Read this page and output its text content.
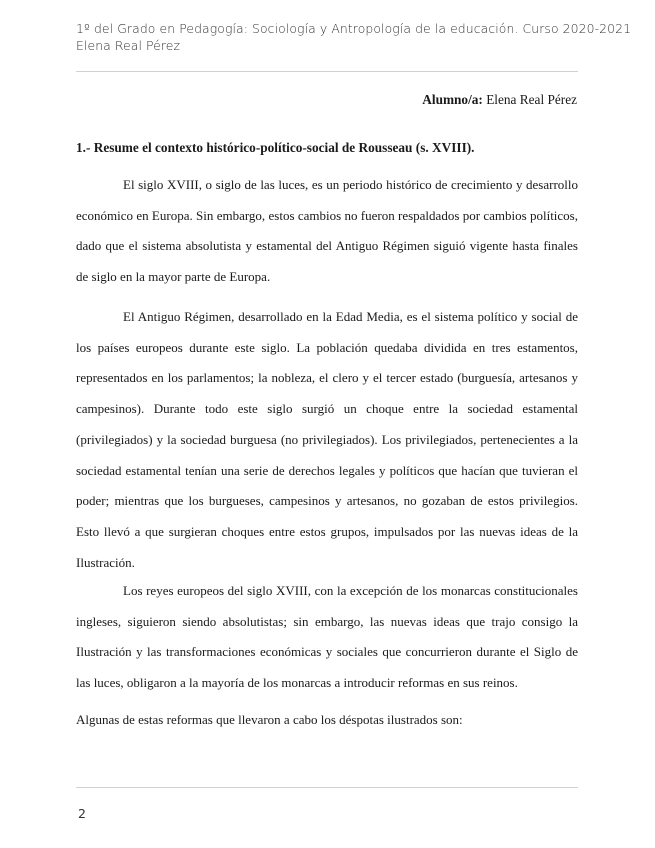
1º del Grado en Pedagogía: Sociología y Antropología de la educación. Curso 2020-2021
Elena Real Pérez
Alumno/a: Elena Real Pérez
1.- Resume el contexto histórico-político-social de Rousseau (s. XVIII).

El siglo XVIII, o siglo de las luces, es un periodo histórico de crecimiento y desarrollo económico en Europa. Sin embargo, estos cambios no fueron respaldados por cambios políticos, dado que el sistema absolutista y estamental del Antiguo Régimen siguió vigente hasta finales de siglo en la mayor parte de Europa.

El Antiguo Régimen, desarrollado en la Edad Media, es el sistema político y social de los países europeos durante este siglo. La población quedaba dividida en tres estamentos, representados en los parlamentos; la nobleza, el clero y el tercer estado (burguesía, artesanos y campesinos). Durante todo este siglo surgió un choque entre la sociedad estamental (privilegiados) y la sociedad burguesa (no privilegiados). Los privilegiados, pertenecientes a la sociedad estamental tenían una serie de derechos legales y políticos que hacían que tuvieran el poder; mientras que los burgueses, campesinos y artesanos, no gozaban de estos privilegios. Esto llevó a que surgieran choques entre estos grupos, impulsados por las nuevas ideas de la Ilustración.

Los reyes europeos del siglo XVIII, con la excepción de los monarcas constitucionales ingleses, siguieron siendo absolutistas; sin embargo, las nuevas ideas que trajo consigo la Ilustración y las transformaciones económicas y sociales que concurrieron durante el Siglo de las luces, obligaron a la mayoría de los monarcas a introducir reformas en sus reinos.

Algunas de estas reformas que llevaron a cabo los déspotas ilustrados son:

2
